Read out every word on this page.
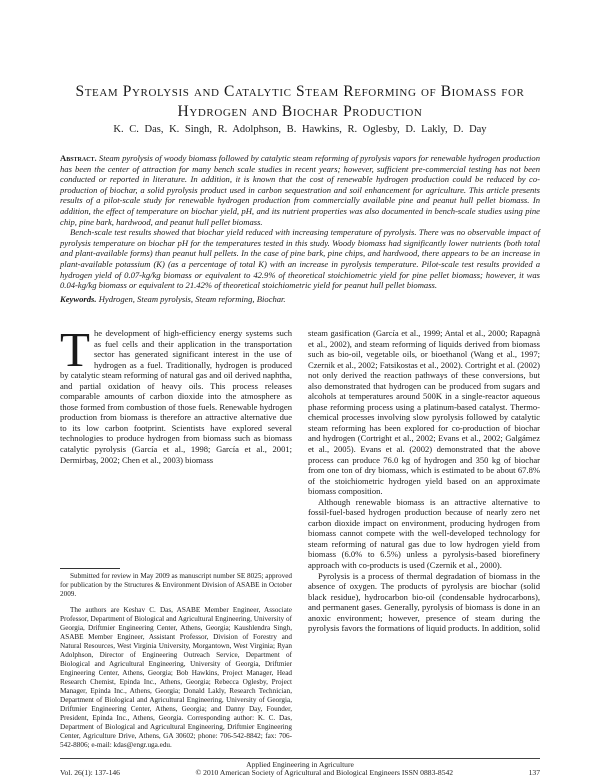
Steam Pyrolysis and Catalytic Steam Reforming of Biomass for Hydrogen and Biochar Production
K. C. Das, K. Singh, R. Adolphson, B. Hawkins, R. Oglesby, D. Lakly, D. Day

Abstract. Steam pyrolysis of woody biomass followed by catalytic steam reforming of pyrolysis vapors for renewable hydrogen production has been the center of attraction for many bench scale studies in recent years; however, sufficient pre-commercial testing has not been conducted or reported in literature. In addition, it is known that the cost of renewable hydrogen production could be reduced by co-production of biochar, a solid pyrolysis product used in carbon sequestration and soil enhancement for agriculture. This article presents results of a pilot-scale study for renewable hydrogen production from commercially available pine and peanut hull pellet biomass. In addition, the effect of temperature on biochar yield, pH, and its nutrient properties was also documented in bench-scale studies using pine chip, pine bark, hardwood, and peanut hull pellet biomass.

Bench-scale test results showed that biochar yield reduced with increasing temperature of pyrolysis. There was no observable impact of pyrolysis temperature on biochar pH for the temperatures tested in this study. Woody biomass had significantly lower nutrients (both total and plant-available forms) than peanut hull pellets. In the case of pine bark, pine chips, and hardwood, there appears to be an increase in plant-available potassium (K) (as a percentage of total K) with an increase in pyrolysis temperature. Pilot-scale test results provided a hydrogen yield of 0.07-kg/kg biomass or equivalent to 42.9% of theoretical stoichiometric yield for pine pellet biomass; however, it was 0.04-kg/kg biomass or equivalent to 21.42% of theoretical stoichiometric yield for peanut hull pellet biomass.

Keywords. Hydrogen, Steam pyrolysis, Steam reforming, Biochar.

The development of high-efficiency energy systems such as fuel cells and their application in the transportation sector has generated significant interest in the use of hydrogen as a fuel. Traditionally, hydrogen is produced by catalytic steam reforming of natural gas and oil derived naphtha, and partial oxidation of heavy oils. This process releases comparable amounts of carbon dioxide into the atmosphere as those formed from combustion of those fuels. Renewable hydrogen production from biomass is therefore an attractive alternative due to its low carbon footprint. Scientists have explored several technologies to produce hydrogen from biomass such as biomass catalytic pyrolysis (García et al., 1998; García et al., 2001; Dermirbaş, 2002; Chen et al., 2003) biomass

steam gasification (García et al., 1999; Antal et al., 2000; Rapagnà et al., 2002), and steam reforming of liquids derived from biomass such as bio-oil, vegetable oils, or bioethanol (Wang et al., 1997; Czernik et al., 2002; Fatsikostas et al., 2002). Cortright et al. (2002) not only derived the reaction pathways of these conversions, but also demonstrated that hydrogen can be produced from sugars and alcohols at temperatures around 500K in a single-reactor aqueous phase reforming process using a platinum-based catalyst. Thermo-chemical processes involving slow pyrolysis followed by catalytic steam reforming has been explored for co-production of biochar and hydrogen (Cortright et al., 2002; Evans et al., 2002; Galgámez et al., 2005). Evans et al. (2002) demonstrated that the above process can produce 76.0 kg of hydrogen and 350 kg of biochar from one ton of dry biomass, which is estimated to be about 67.8% of the stoichiometric hydrogen yield based on an approximate biomass composition.

Although renewable biomass is an attractive alternative to fossil-fuel-based hydrogen production because of nearly zero net carbon dioxide impact on environment, producing hydrogen from biomass cannot compete with the well-developed technology for steam reforming of natural gas due to low hydrogen yield from biomass (6.0% to 6.5%) unless a pyrolysis-based biorefinery approach with co-products is used (Czernik et al., 2000).

Pyrolysis is a process of thermal degradation of biomass in the absence of oxygen. The products of pyrolysis are biochar (solid black residue), hydrocarbon bio-oil (condensable hydrocarbons), and permanent gases. Generally, pyrolysis of biomass is done in an anoxic environment; however, presence of steam during the pyrolysis favors the formations of liquid products. In addition, solid

Submitted for review in May 2009 as manuscript number SE 8025; approved for publication by the Structures & Environment Division of ASABE in October 2009.

The authors are Keshav C. Das, ASABE Member Engineer, Associate Professor, Department of Biological and Agricultural Engineering, University of Georgia, Driftmier Engineering Center, Athens, Georgia; Kaushlendra Singh, ASABE Member Engineer, Assistant Professor, Division of Forestry and Natural Resources, West Virginia University, Morgantown, West Virginia; Ryan Adolphson, Director of Engineering Outreach Service, Department of Biological and Agricultural Engineering, University of Georgia, Driftmier Engineering Center, Athens, Georgia; Bob Hawkins, Project Manager, Head Research Chemist, Epinda Inc., Athens, Georgia; Rebecca Oglesby, Project Manager, Epinda Inc., Athens, Georgia; Donald Lakly, Research Technician, Department of Biological and Agricultural Engineering, University of Georgia, Driftmier Engineering Center, Athens, Georgia; and Danny Day, Founder, President, Epinda Inc., Athens, Georgia. Corresponding author: K. C. Das, Department of Biological and Agricultural Engineering, Driftmier Engineering Center, Agriculture Drive, Athens, GA 30602; phone: 706-542-8842; fax: 706-542-8806; e-mail: kdas@engr.uga.edu.

Applied Engineering in Agriculture
Vol. 26(1): 137-146	© 2010 American Society of Agricultural and Biological Engineers ISSN 0883-8542	137
